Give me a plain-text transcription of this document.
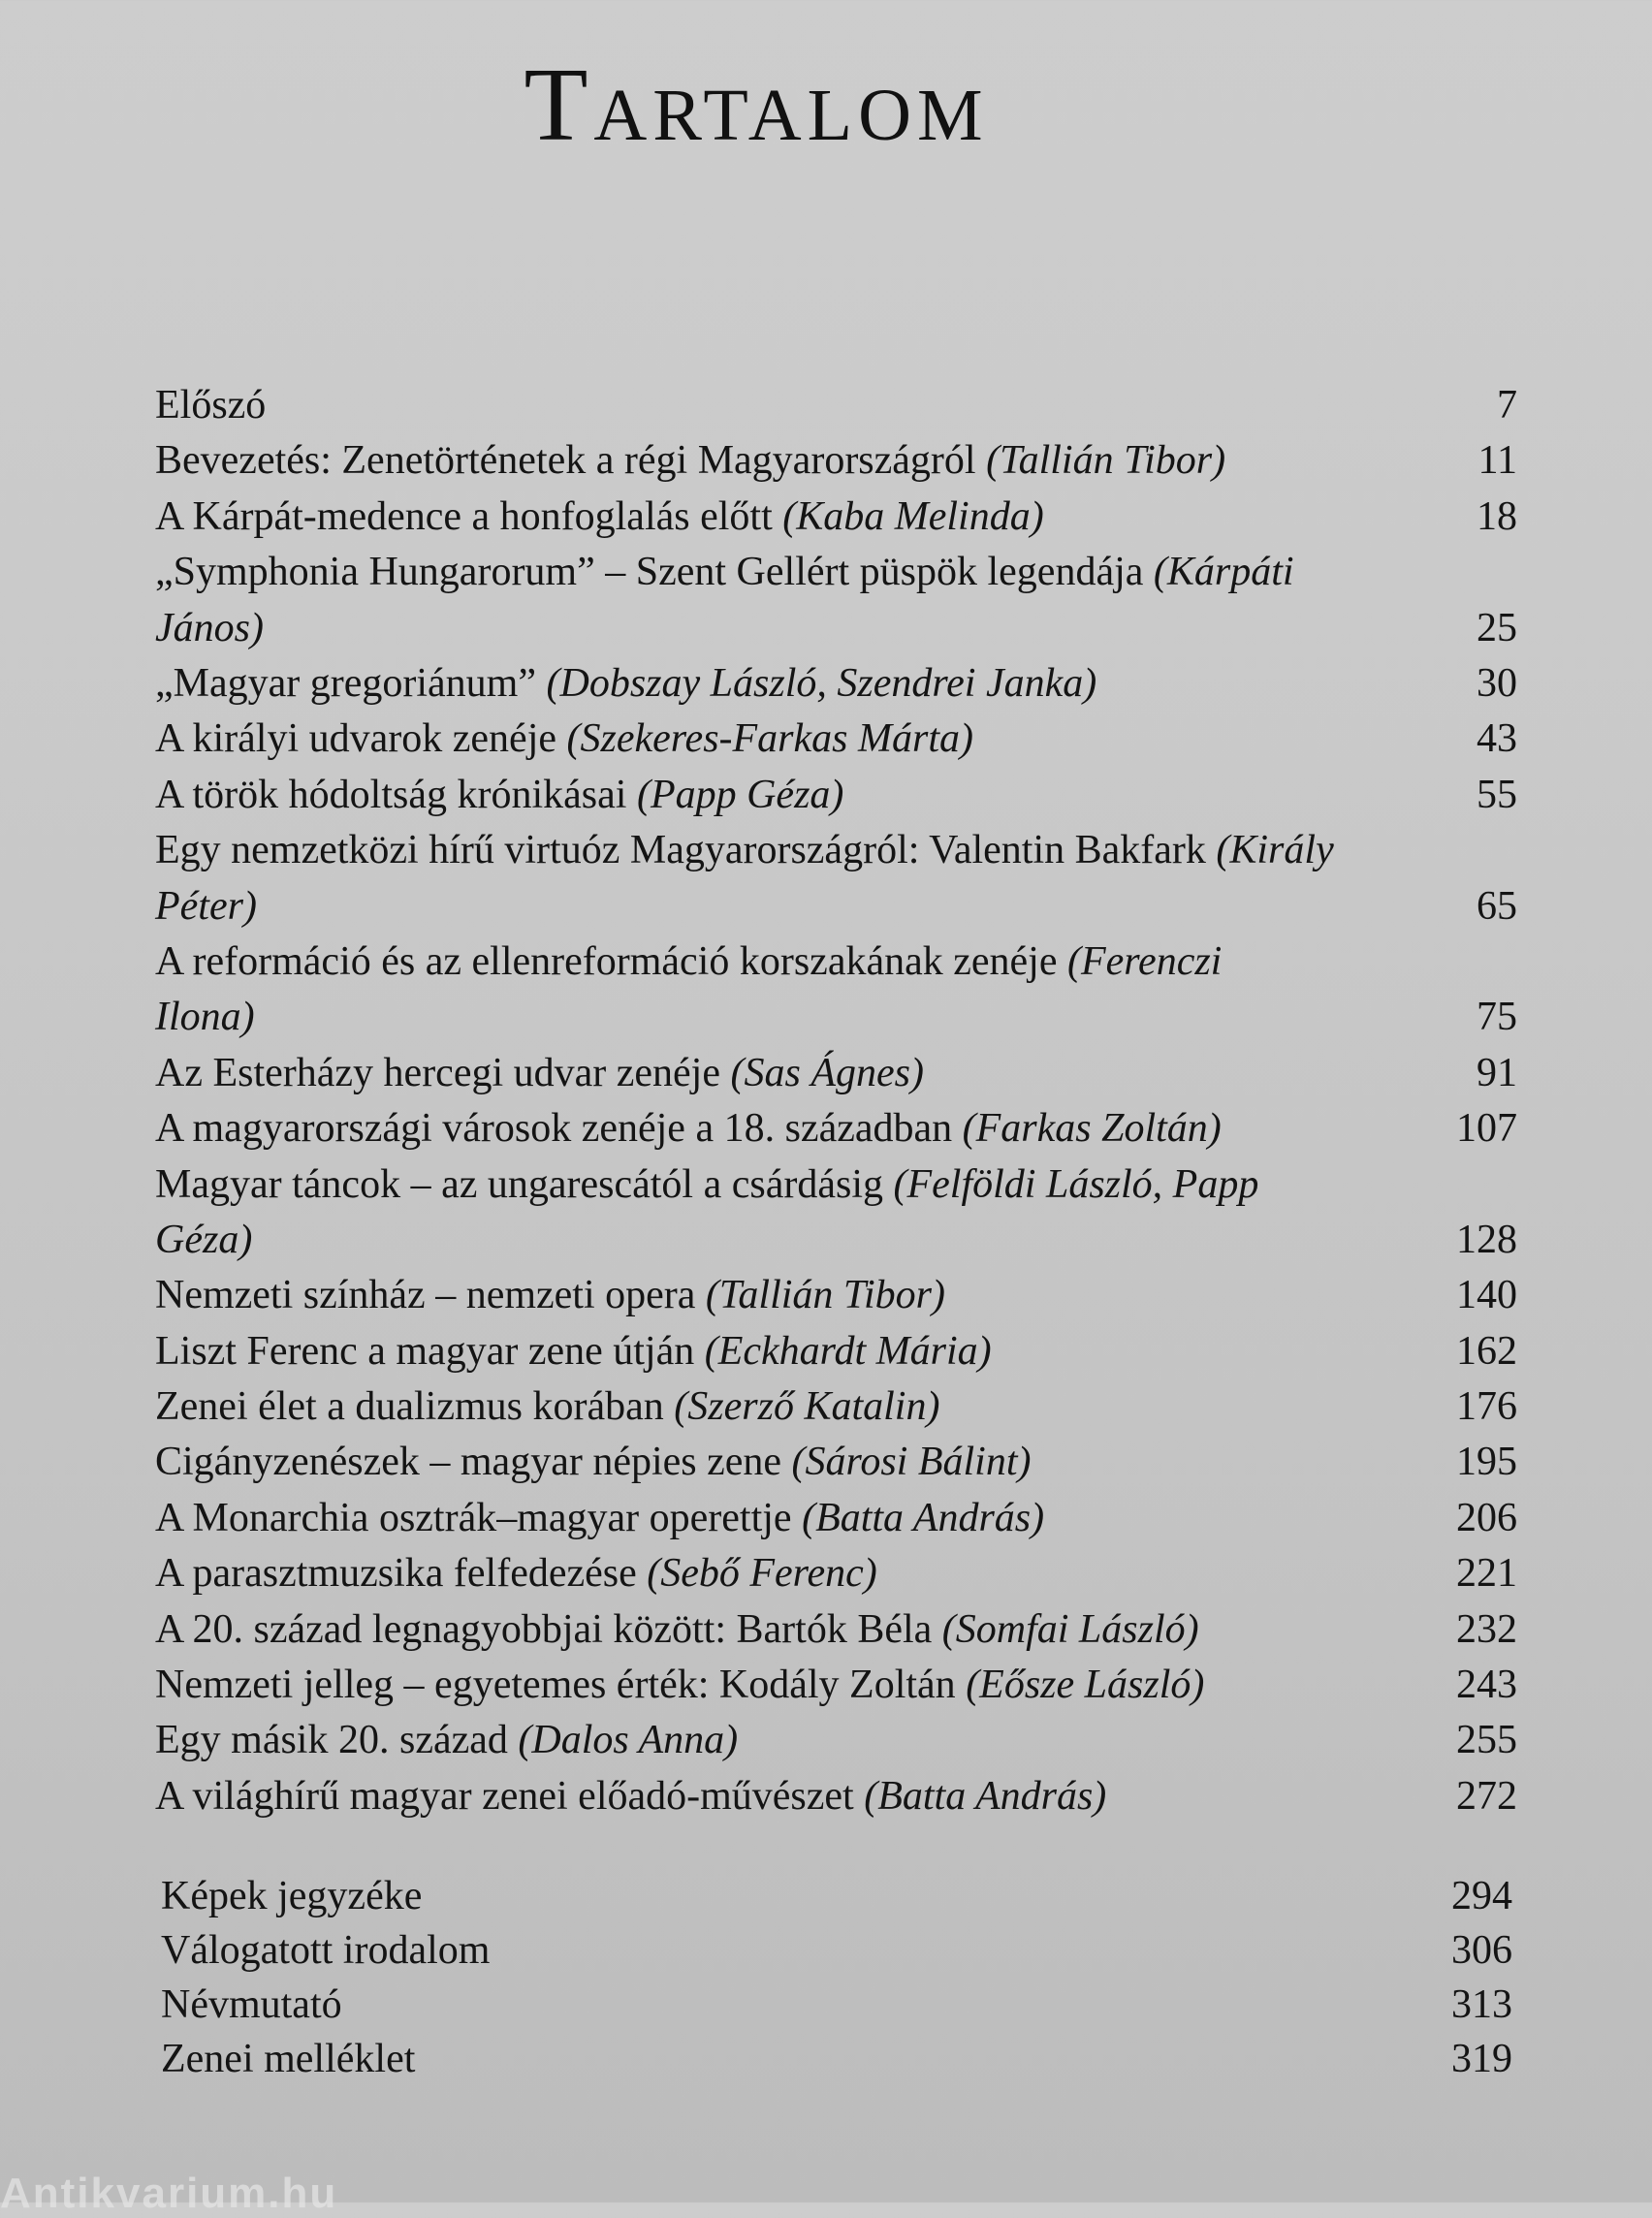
Tartalom
Előszó	7
Bevezetés: Zenetörténetek a régi Magyarországról (Tallián Tibor)	11
A Kárpát-medence a honfoglalás előtt (Kaba Melinda)	18
„Symphonia Hungarorum” – Szent Gellért püspök legendája (Kárpáti János)	25
„Magyar gregoriánum” (Dobszay László, Szendrei Janka)	30
A királyi udvarok zenéje (Szekeres-Farkas Márta)	43
A török hódoltság krónikásai (Papp Géza)	55
Egy nemzetközi hírű virtuóz Magyarországról: Valentin Bakfark (Király Péter)	65
A reformáció és az ellenreformáció korszakának zenéje (Ferenczi Ilona)	75
Az Esterházy hercegi udvar zenéje (Sas Ágnes)	91
A magyarországi városok zenéje a 18. században (Farkas Zoltán)	107
Magyar táncok – az ungarescától a csárdásig (Felföldi László, Papp Géza)	128
Nemzeti színház – nemzeti opera (Tallián Tibor)	140
Liszt Ferenc a magyar zene útján (Eckhardt Mária)	162
Zenei élet a dualizmus korában (Szerző Katalin)	176
Cigányzenészek – magyar népies zene (Sárosi Bálint)	195
A Monarchia osztrák–magyar operettje (Batta András)	206
A parasztmuzsika felfedezése (Sebő Ferenc)	221
A 20. század legnagyobbjai között: Bartók Béla (Somfai László)	232
Nemzeti jelleg – egyetemes érték: Kodály Zoltán (Eősze László)	243
Egy másik 20. század (Dalos Anna)	255
A világhírű magyar zenei előadó-művészet (Batta András)	272
Képek jegyzéke	294
Válogatott irodalom	306
Névmutató	313
Zenei melléklet	319
Antikvarium.hu
